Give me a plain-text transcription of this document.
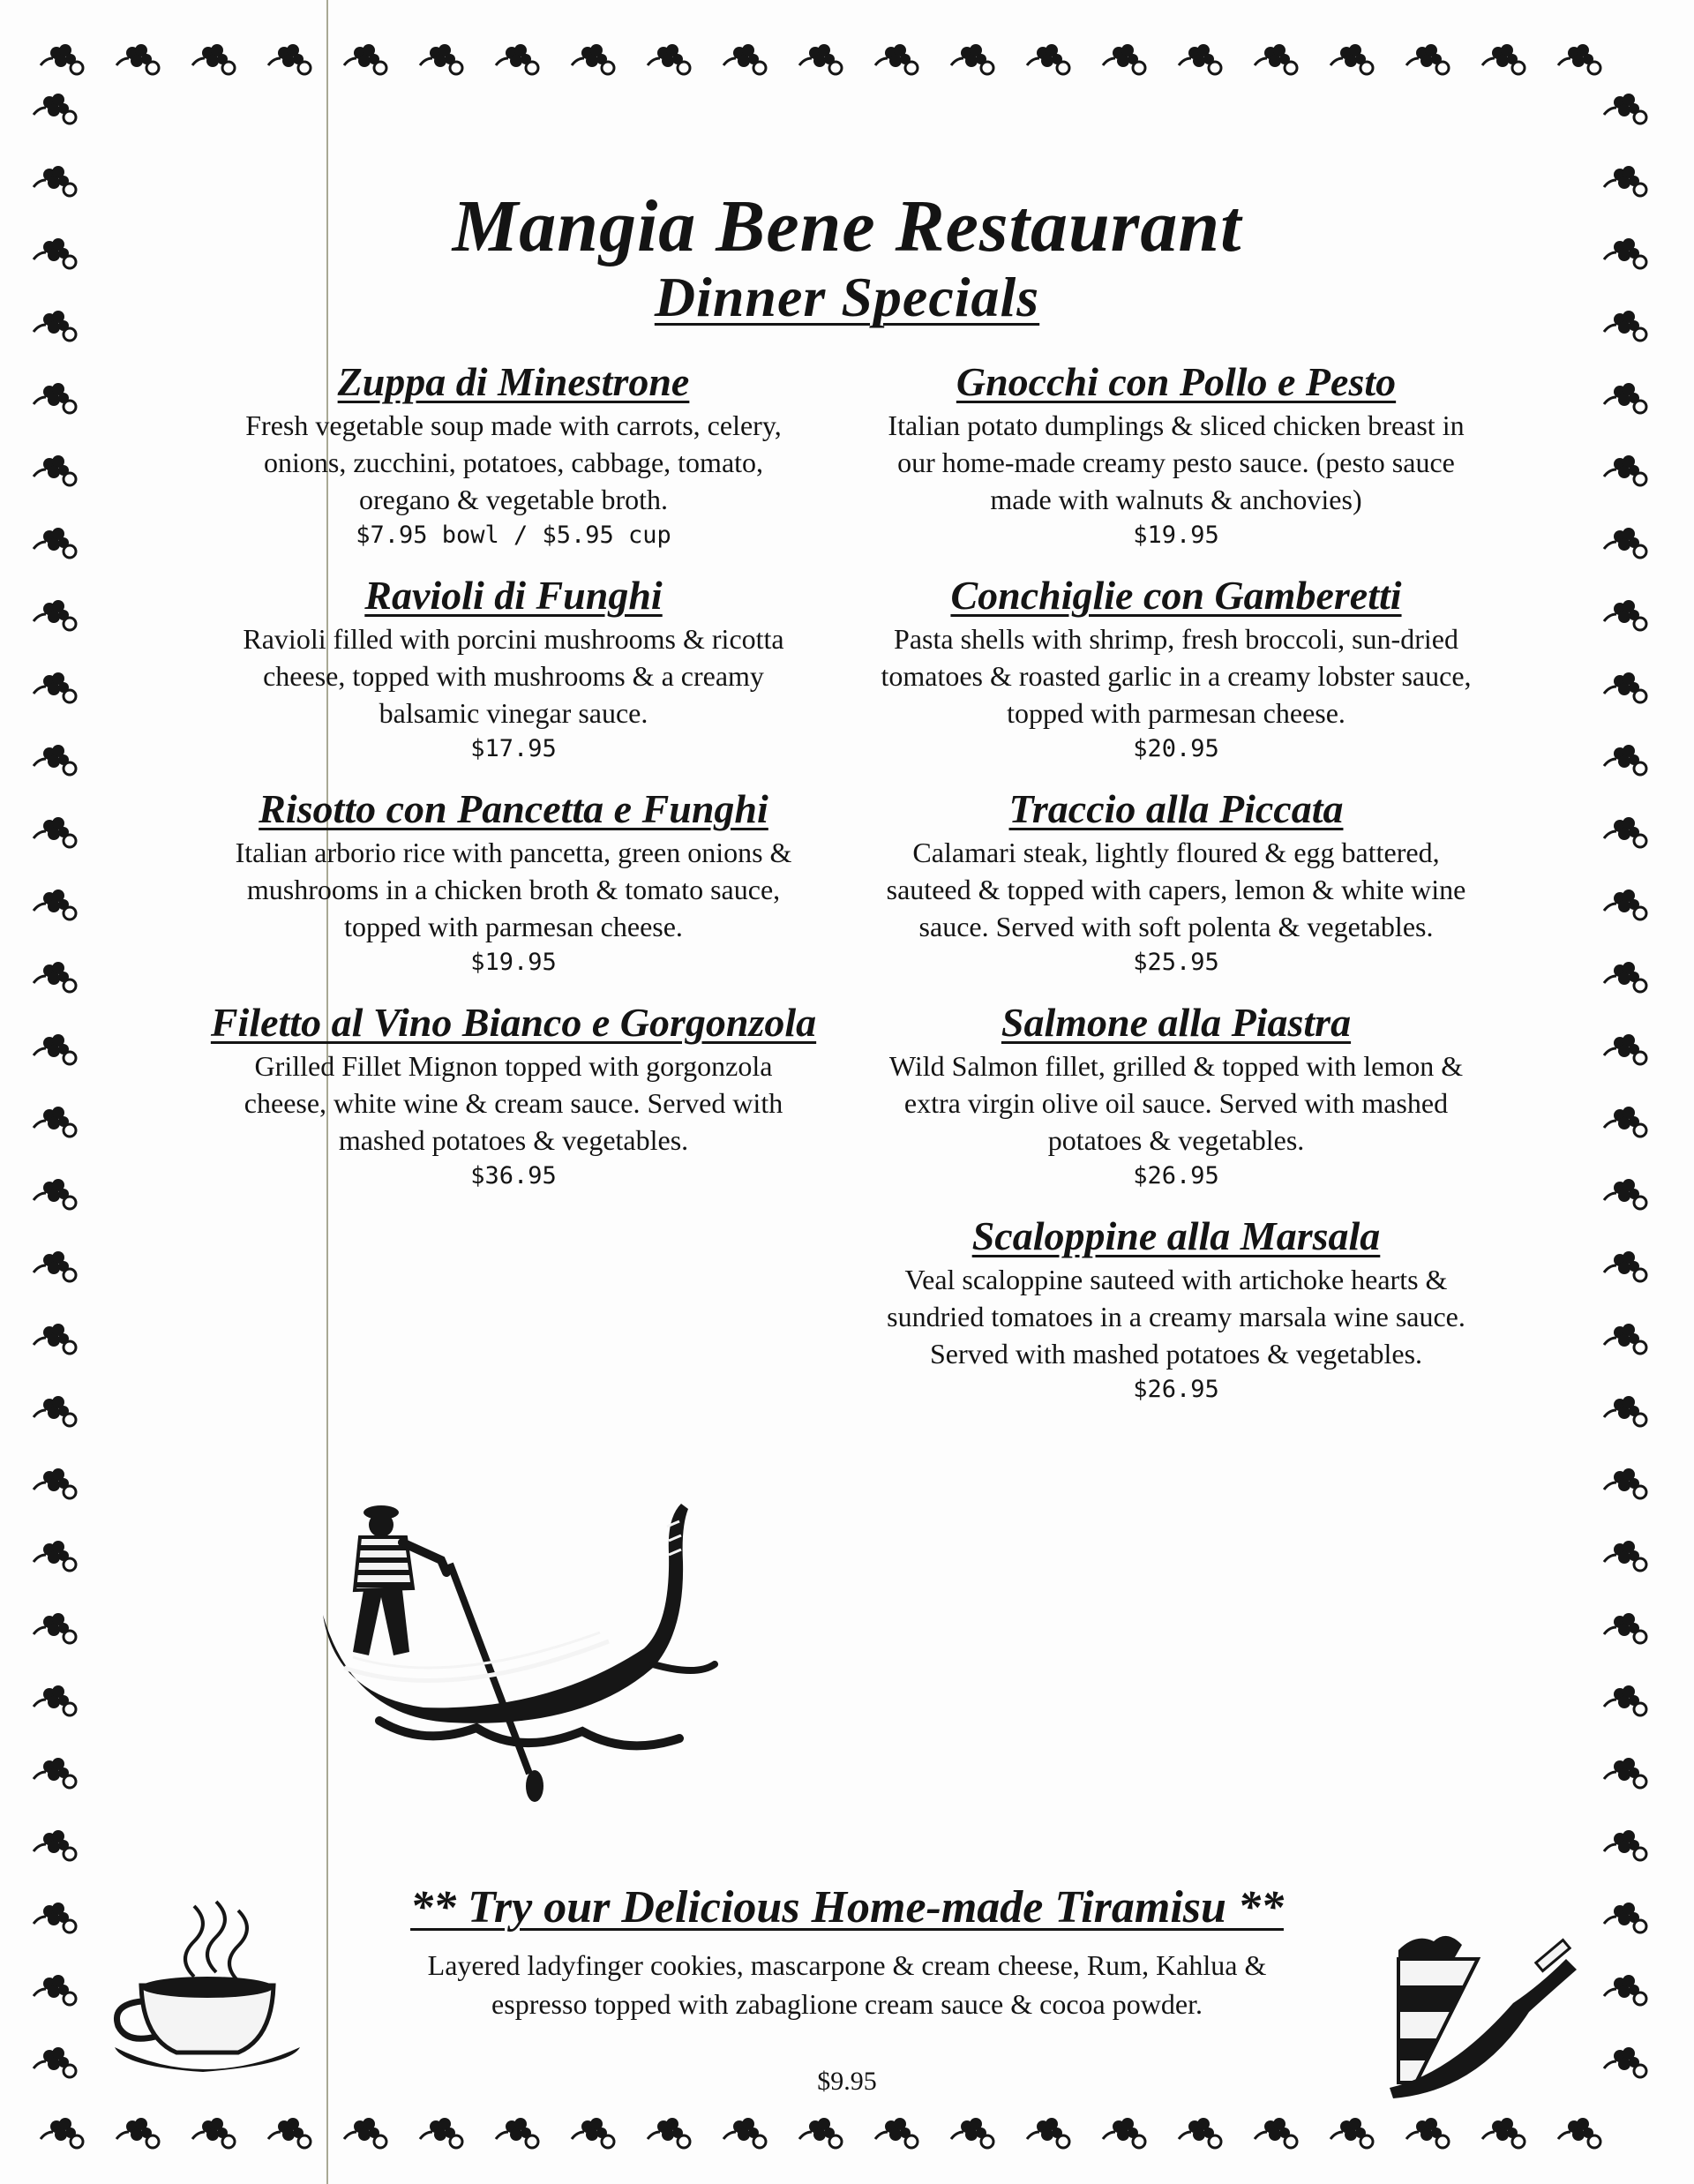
Mangia Bene Restaurant
Dinner Specials
Zuppa di Minestrone
Fresh vegetable soup made with carrots, celery, onions, zucchini, potatoes, cabbage, tomato, oregano & vegetable broth.
$7.95 bowl / $5.95 cup
Ravioli di Funghi
Ravioli filled with porcini mushrooms & ricotta cheese, topped with mushrooms & a creamy balsamic vinegar sauce.
$17.95
Risotto con Pancetta e Funghi
Italian arborio rice with pancetta, green onions & mushrooms in a chicken broth & tomato sauce, topped with parmesan cheese.
$19.95
Filetto al Vino Bianco e Gorgonzola
Grilled Fillet Mignon topped with gorgonzola cheese, white wine & cream sauce. Served with mashed potatoes & vegetables.
$36.95
Gnocchi con Pollo e Pesto
Italian potato dumplings & sliced chicken breast in our home-made creamy pesto sauce. (pesto sauce made with walnuts & anchovies)
$19.95
Conchiglie con Gamberetti
Pasta shells with shrimp, fresh broccoli, sun-dried tomatoes & roasted garlic in a creamy lobster sauce, topped with parmesan cheese.
$20.95
Traccio alla Piccata
Calamari steak, lightly floured & egg battered, sauteed & topped with capers, lemon & white wine sauce. Served with soft polenta & vegetables.
$25.95
Salmone alla Piastra
Wild Salmon fillet, grilled & topped with lemon & extra virgin olive oil sauce. Served with mashed potatoes & vegetables.
$26.95
Scaloppine alla Marsala
Veal scaloppine sauteed with artichoke hearts & sundried tomatoes in a creamy marsala wine sauce. Served with mashed potatoes & vegetables.
$26.95
** Try our Delicious Home-made Tiramisu **
Layered ladyfinger cookies, mascarpone & cream cheese, Rum, Kahlua & espresso topped with zabaglione cream sauce & cocoa powder.
$9.95
